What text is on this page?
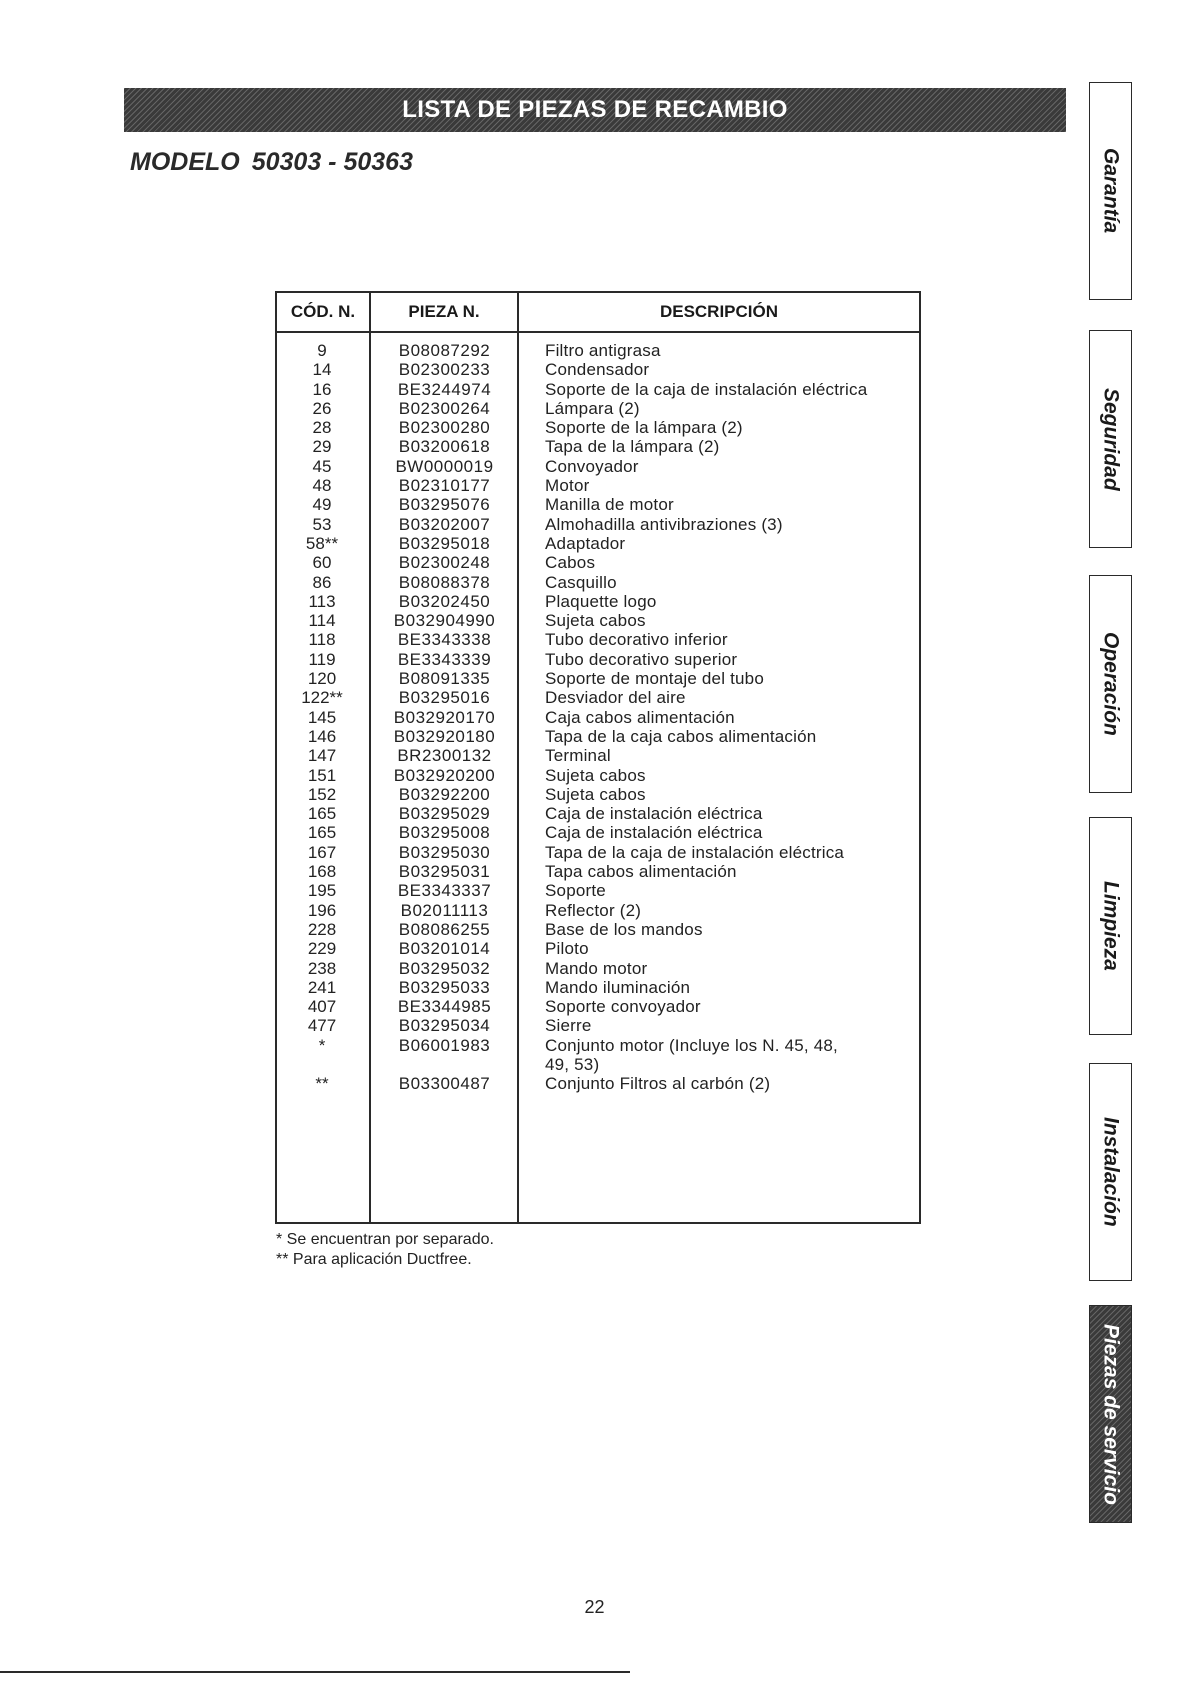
LISTA DE PIEZAS DE RECAMBIO
MODELO 50303 - 50363
CÓD. N.	PIEZA N.	DESCRIPCIÓN
9	B08087292	Filtro antigrasa
14	B02300233	Condensador
16	BE3244974	Soporte de la caja de instalación eléctrica
26	B02300264	Lámpara (2)
28	B02300280	Soporte de la lámpara (2)
29	B03200618	Tapa de la lámpara (2)
45	BW0000019	Convoyador
48	B02310177	Motor
49	B03295076	Manilla de motor
53	B03202007	Almohadilla antivibraziones (3)
58**	B03295018	Adaptador
60	B02300248	Cabos
86	B08088378	Casquillo
113	B03202450	Plaquette logo
114	B032904990	Sujeta cabos
118	BE3343338	Tubo decorativo inferior
119	BE3343339	Tubo decorativo superior
120	B08091335	Soporte de montaje del tubo
122**	B03295016	Desviador del aire
145	B032920170	Caja cabos alimentación
146	B032920180	Tapa de la caja cabos alimentación
147	BR2300132	Terminal
151	B032920200	Sujeta cabos
152	B03292200	Sujeta cabos
165	B03295029	Caja de instalación eléctrica
165	B03295008	Caja de instalación eléctrica
167	B03295030	Tapa de la caja de instalación eléctrica
168	B03295031	Tapa cabos alimentación
195	BE3343337	Soporte
196	B02011113	Reflector (2)
228	B08086255	Base de los mandos
229	B03201014	Piloto
238	B03295032	Mando motor
241	B03295033	Mando iluminación
407	BE3344985	Soporte convoyador
477	B03295034	Sierre
*	B06001983	Conjunto motor (Incluye los N. 45, 48,
49, 53)
**	B03300487	Conjunto Filtros al carbón (2)
* Se encuentran por separado.
** Para aplicación Ductfree.
Garantía
Seguridad
Operación
Limpieza
Instalación
Piezas de servicio
22
